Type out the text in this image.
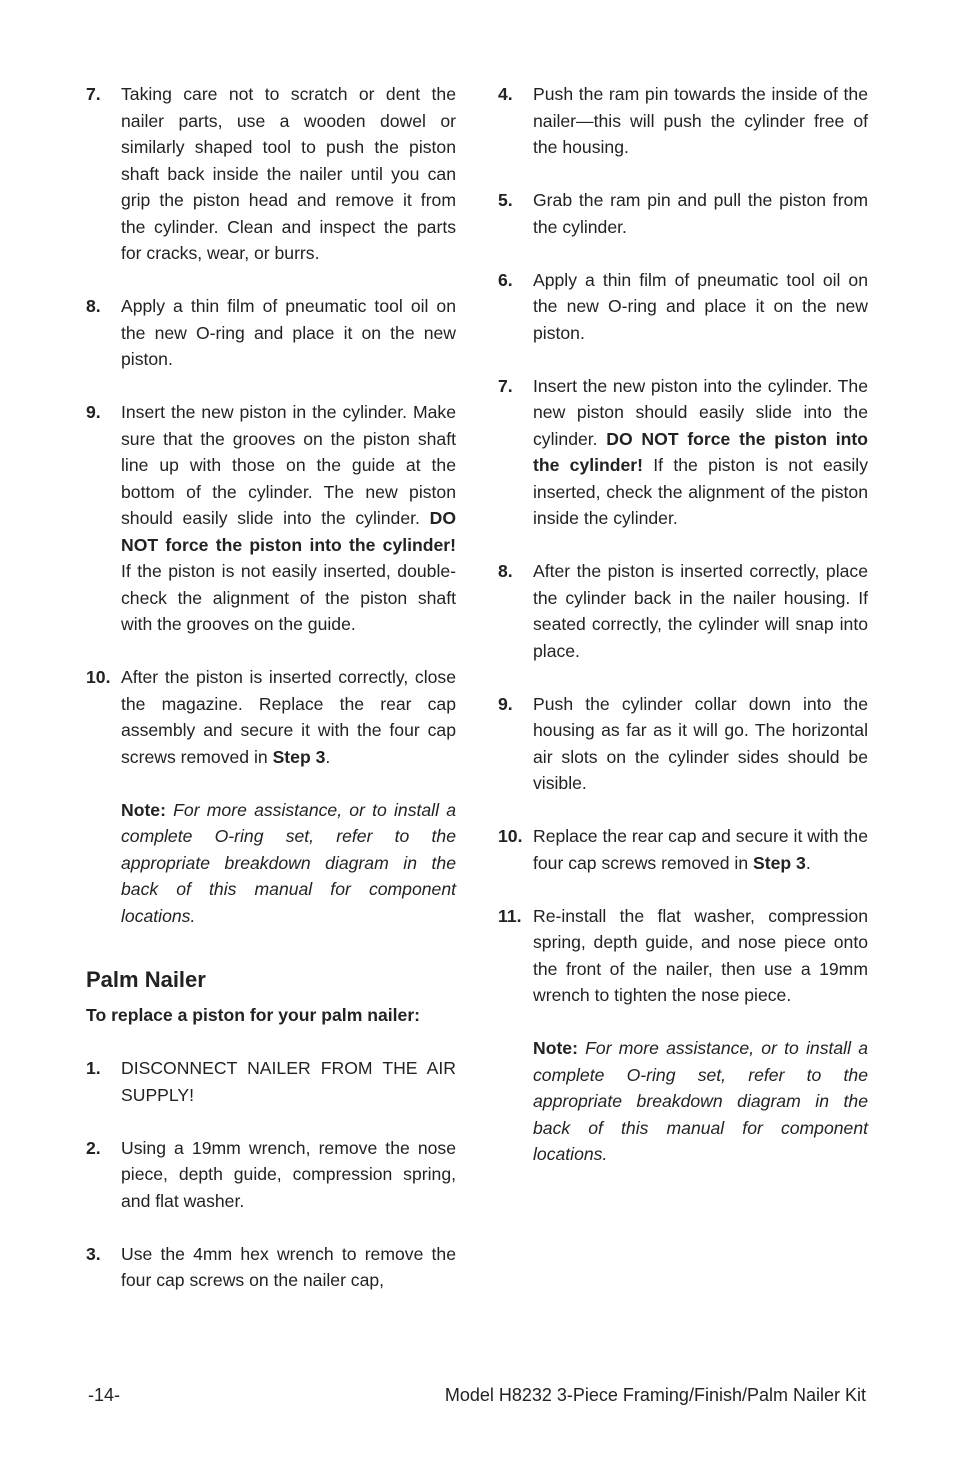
7. Taking care not to scratch or dent the nailer parts, use a wooden dowel or similarly shaped tool to push the piston shaft back inside the nailer until you can grip the piston head and remove it from the cylinder. Clean and inspect the parts for cracks, wear, or burrs.
8. Apply a thin film of pneumatic tool oil on the new O-ring and place it on the new piston.
9. Insert the new piston in the cylinder. Make sure that the grooves on the piston shaft line up with those on the guide at the bottom of the cylinder. The new piston should easily slide into the cylinder. DO NOT force the piston into the cylinder! If the piston is not easily inserted, double-check the alignment of the piston shaft with the grooves on the guide.
10. After the piston is inserted correctly, close the magazine. Replace the rear cap assembly and secure it with the four cap screws removed in Step 3.
Note: For more assistance, or to install a complete O-ring set, refer to the appropriate breakdown diagram in the back of this manual for component locations.
Palm Nailer
To replace a piston for your palm nailer:
1. DISCONNECT NAILER FROM THE AIR SUPPLY!
2. Using a 19mm wrench, remove the nose piece, depth guide, compression spring, and flat washer.
3. Use the 4mm hex wrench to remove the four cap screws on the nailer cap,
4. Push the ram pin towards the inside of the nailer—this will push the cylinder free of the housing.
5. Grab the ram pin and pull the piston from the cylinder.
6. Apply a thin film of pneumatic tool oil on the new O-ring and place it on the new piston.
7. Insert the new piston into the cylinder. The new piston should easily slide into the cylinder. DO NOT force the piston into the cylinder! If the piston is not easily inserted, check the alignment of the piston inside the cylinder.
8. After the piston is inserted correctly, place the cylinder back in the nailer housing. If seated correctly, the cylinder will snap into place.
9. Push the cylinder collar down into the housing as far as it will go. The horizontal air slots on the cylinder sides should be visible.
10. Replace the rear cap and secure it with the four cap screws removed in Step 3.
11. Re-install the flat washer, compression spring, depth guide, and nose piece onto the front of the nailer, then use a 19mm wrench to tighten the nose piece.
Note: For more assistance, or to install a complete O-ring set, refer to the appropriate breakdown diagram in the back of this manual for component locations.
-14-	Model H8232 3-Piece Framing/Finish/Palm Nailer Kit
